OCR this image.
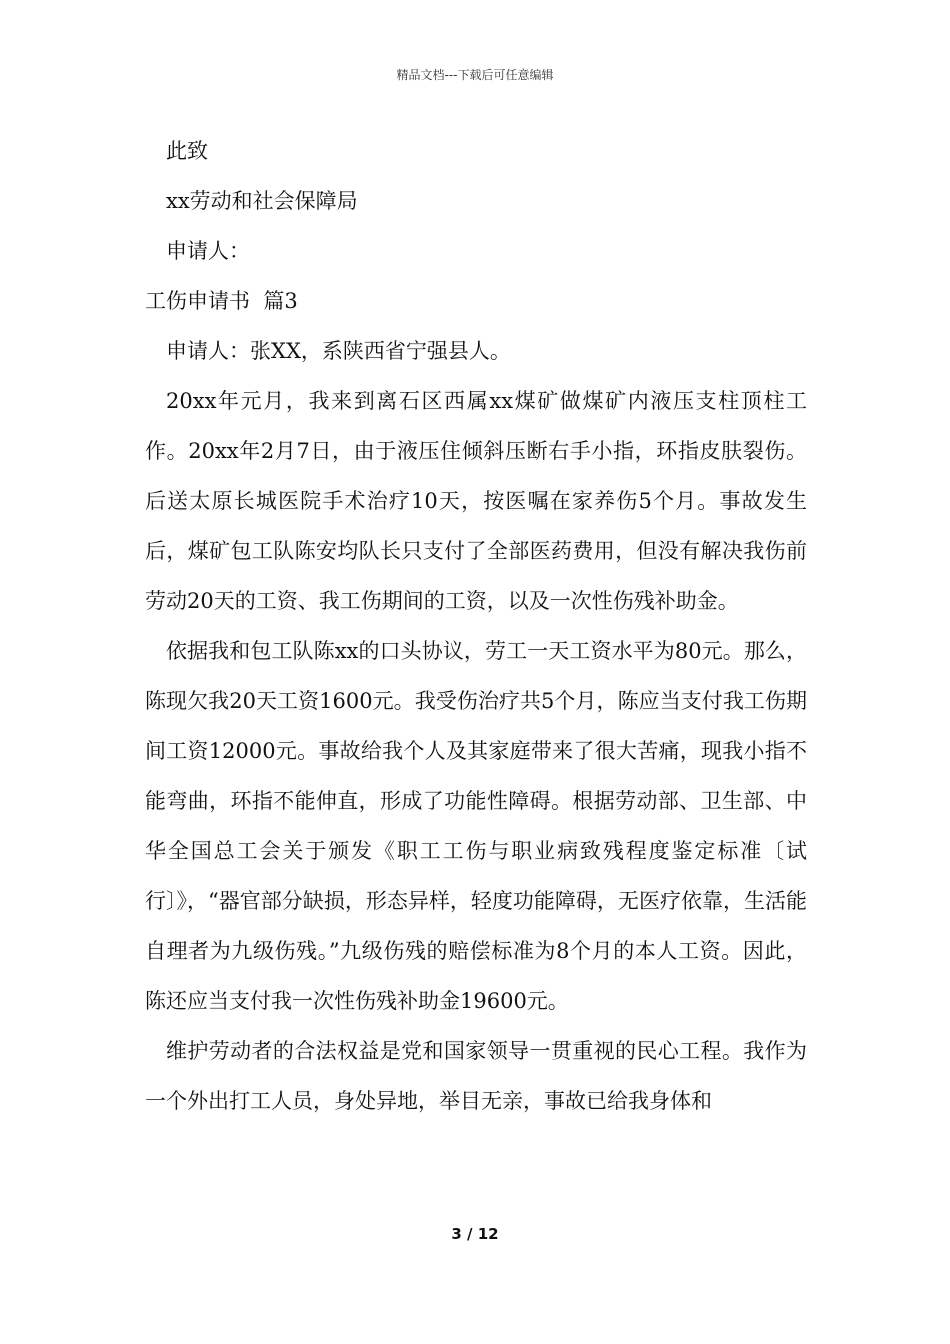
精品文档---下载后可任意编辑

此致

xx劳动和社会保障局

申请人：

工伤申请书  篇3

申请人：张XX，系陕西省宁强县人。

20xx年元月，我来到离石区西属xx煤矿做煤矿内液压支柱顶柱工作。20xx年2月7日，由于液压住倾斜压断右手小指，环指皮肤裂伤。后送太原长城医院手术治疗10天，按医嘱在家养伤5个月。事故发生后，煤矿包工队陈安均队长只支付了全部医药费用，但没有解决我伤前劳动20天的工资、我工伤期间的工资，以及一次性伤残补助金。

依据我和包工队陈xx的口头协议，劳工一天工资水平为80元。那么，陈现欠我20天工资1600元。我受伤治疗共5个月，陈应当支付我工伤期间工资12000元。事故给我个人及其家庭带来了很大苦痛，现我小指不能弯曲，环指不能伸直，形成了功能性障碍。根据劳动部、卫生部、中华全国总工会关于颁发《职工工伤与职业病致残程度鉴定标准〔试行〕》，“器官部分缺损，形态异样，轻度功能障碍，无医疗依靠，生活能自理者为九级伤残。”九级伤残的赔偿标准为8个月的本人工资。因此，陈还应当支付我一次性伤残补助金19600元。

维护劳动者的合法权益是党和国家领导一贯重视的民心工程。我作为一个外出打工人员，身处异地，举目无亲，事故已给我身体和

3 / 12
